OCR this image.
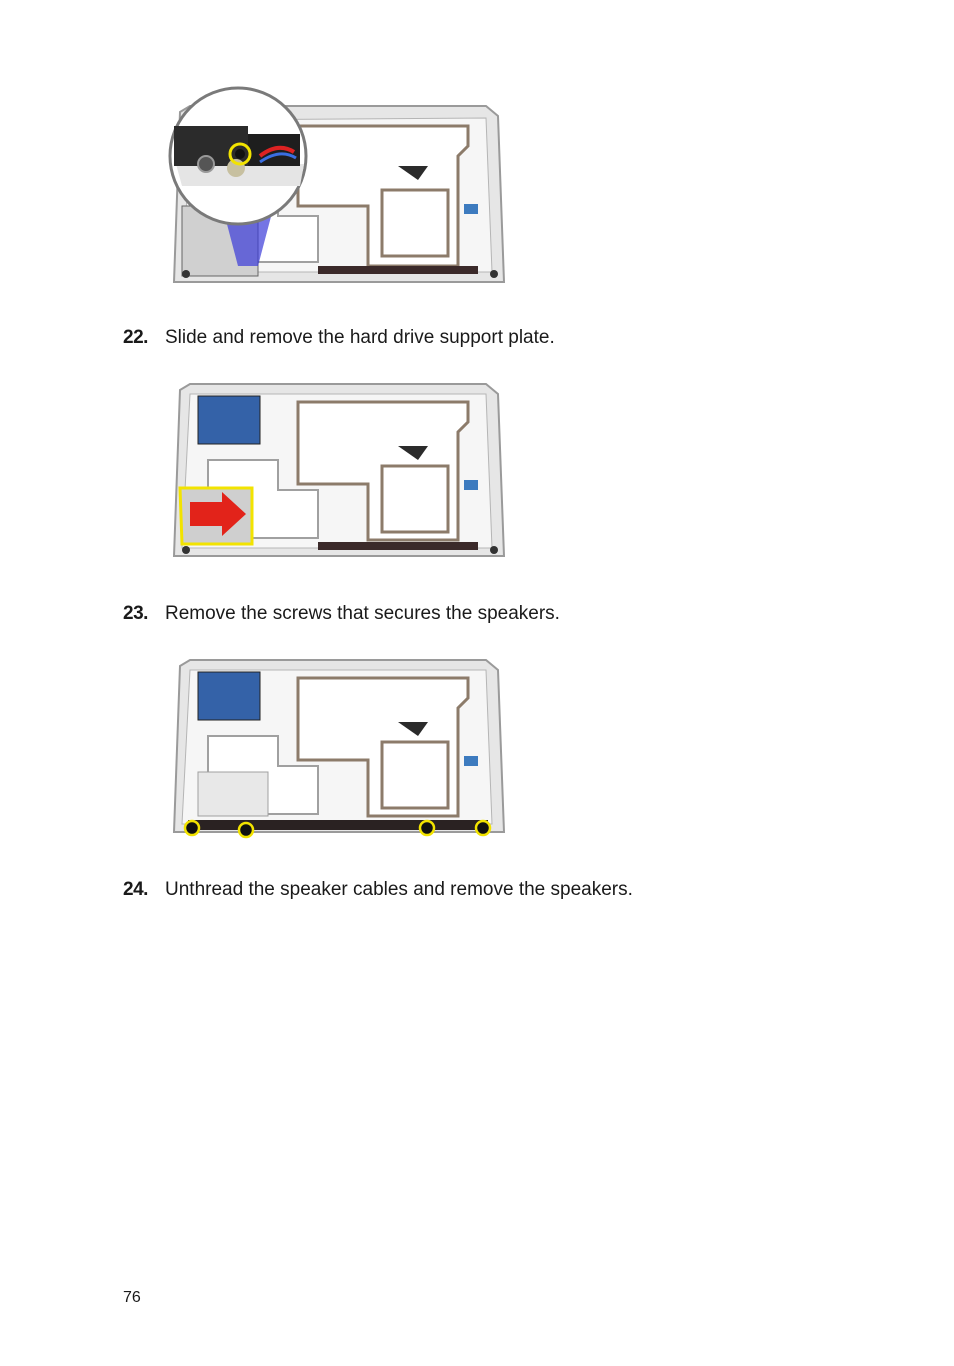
22. Slide and remove the hard drive support plate.
23. Remove the screws that secures the speakers.
24. Unthread the speaker cables and remove the speakers.
76
